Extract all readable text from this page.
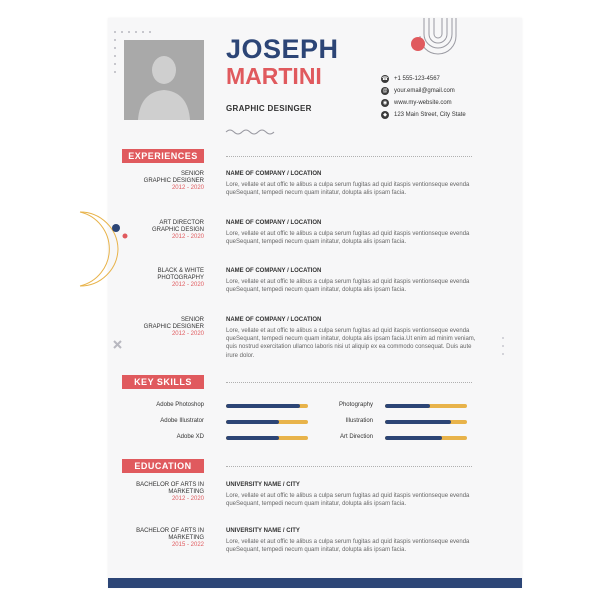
JOSEPH
MARTINI
GRAPHIC DESINGER
☎ +1 555-123-4567
@ your.email@gmail.com
◉	www.my-website.com
◆	123 Main Street, City State
EXPERIENCES
SENIOR
GRAPHIC DESIGNER
2012 - 2020
NAME OF COMPANY / LOCATION
Lore, vellate et aut offic te alibus a culpa serum fugitas ad quid itaspis ventionseque evenda queSequant, tempedi necum quam initatur, dolupta alis ipsam facia.
ART DIRECTOR
GRAPHIC DESIGN
2012 - 2020
NAME OF COMPANY / LOCATION
Lore, vellate et aut offic te alibus a culpa serum fugitas ad quid itaspis ventionseque evenda queSequant, tempedi necum quam initatur, dolupta alis ipsam facia.
BLACK & WHITE
PHOTOGRAPHY
2012 - 2020
NAME OF COMPANY / LOCATION
Lore, vellate et aut offic te alibus a culpa serum fugitas ad quid itaspis ventionseque evenda queSequant, tempedi necum quam initatur, dolupta alis ipsam facia.
SENIOR
GRAPHIC DESIGNER
2012 - 2020
NAME OF COMPANY / LOCATION
Lore, vellate et aut offic te alibus a culpa serum fugitas ad quid itaspis ventionseque evenda queSequant, tempedi necum quam initatur, dolupta alis ipsam facia.Ut enim ad minim veniam, quis nostrud exercitation ullamco laboris nisi ut aliquip ex ea commodo consequat. Duis aute irure dolor.
KEY SKILLS
Adobe Photoshop
Adobe Illustrator
Adobe XD
Photography
Illustration
Art Direction
EDUCATION
BACHELOR OF ARTS IN
MARKETING
2012 - 2020
UNIVERSITY NAME / CITY
Lore, vellate et aut offic te alibus a culpa serum fugitas ad quid itaspis ventionseque evenda queSequant, tempedi necum quam initatur, dolupta alis ipsam facia.
BACHELOR OF ARTS IN
MARKETING
2015 - 2022
UNIVERSITY NAME / CITY
Lore, vellate et aut offic te alibus a culpa serum fugitas ad quid itaspis ventionseque evenda queSequant, tempedi necum quam initatur, dolupta alis ipsam facia.
